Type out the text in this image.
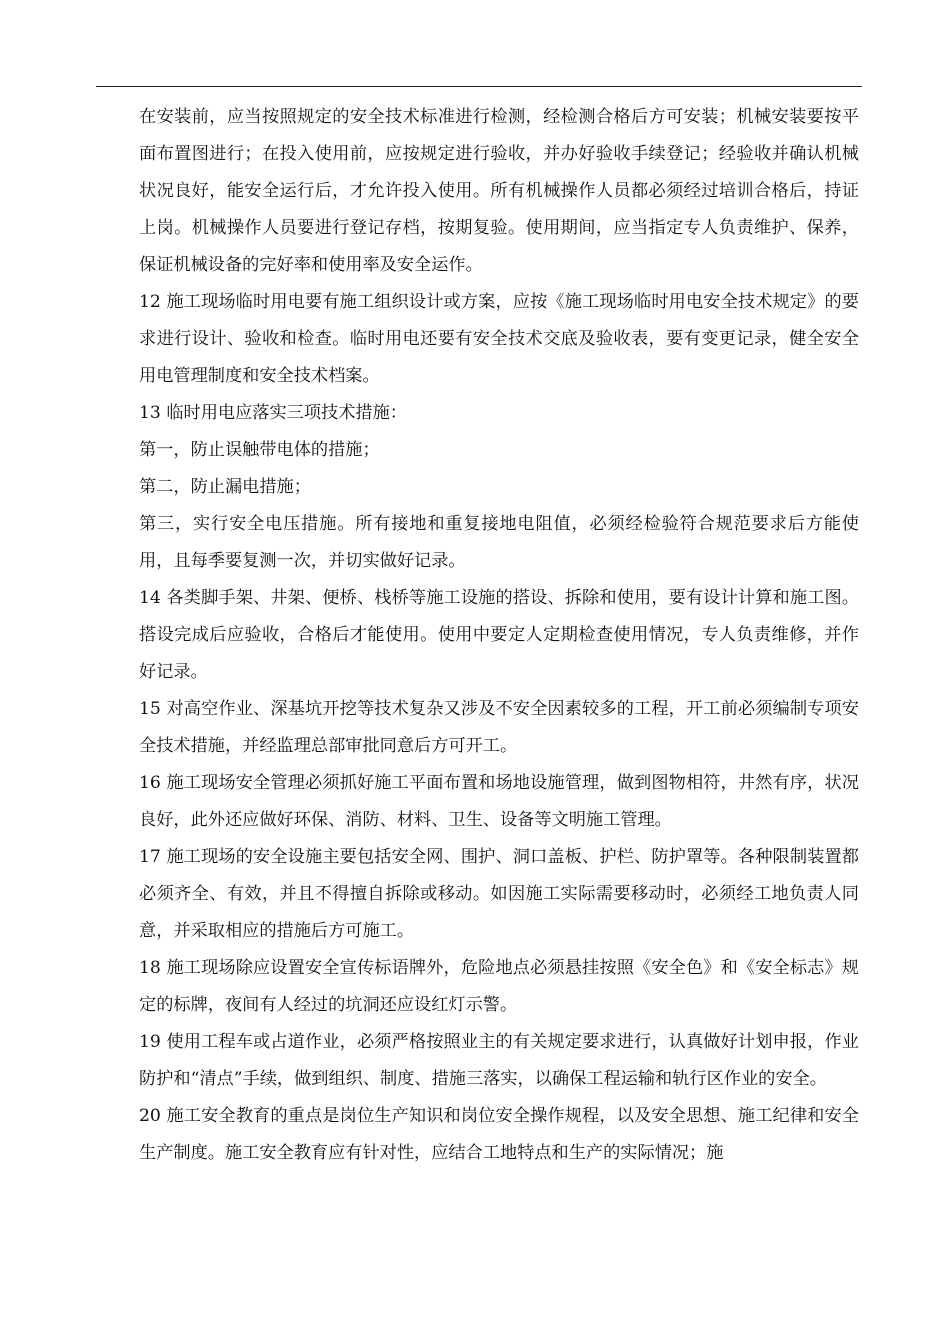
在安装前，应当按照规定的安全技术标准进行检测，经检测合格后方可安装；机械安装要按平面布置图进行；在投入使用前，应按规定进行验收，并办好验收手续登记；经验收并确认机械状况良好，能安全运行后，才允许投入使用。所有机械操作人员都必须经过培训合格后，持证上岗。机械操作人员要进行登记存档，按期复验。使用期间，应当指定专人负责维护、保养，保证机械设备的完好率和使用率及安全运作。

12 施工现场临时用电要有施工组织设计或方案，应按《施工现场临时用电安全技术规定》的要求进行设计、验收和检查。临时用电还要有安全技术交底及验收表，要有变更记录，健全安全用电管理制度和安全技术档案。

13 临时用电应落实三项技术措施：

第一，防止误触带电体的措施；

第二，防止漏电措施；

第三，实行安全电压措施。所有接地和重复接地电阻值，必须经检验符合规范要求后方能使用，且每季要复测一次，并切实做好记录。

14 各类脚手架、井架、便桥、栈桥等施工设施的搭设、拆除和使用，要有设计计算和施工图。搭设完成后应验收，合格后才能使用。使用中要定人定期检查使用情况，专人负责维修，并作好记录。

15 对高空作业、深基坑开挖等技术复杂又涉及不安全因素较多的工程，开工前必须编制专项安全技术措施，并经监理总部审批同意后方可开工。

16 施工现场安全管理必须抓好施工平面布置和场地设施管理，做到图物相符，井然有序，状况良好，此外还应做好环保、消防、材料、卫生、设备等文明施工管理。

17 施工现场的安全设施主要包括安全网、围护、洞口盖板、护栏、防护罩等。各种限制装置都必须齐全、有效，并且不得擅自拆除或移动。如因施工实际需要移动时，必须经工地负责人同意，并采取相应的措施后方可施工。

18 施工现场除应设置安全宣传标语牌外，危险地点必须悬挂按照《安全色》和《安全标志》规定的标牌，夜间有人经过的坑洞还应设红灯示警。

19 使用工程车或占道作业，必须严格按照业主的有关规定要求进行，认真做好计划申报，作业防护和“清点”手续，做到组织、制度、措施三落实，以确保工程运输和轨行区作业的安全。

20 施工安全教育的重点是岗位生产知识和岗位安全操作规程，以及安全思想、施工纪律和安全生产制度。施工安全教育应有针对性，应结合工地特点和生产的实际情况；施
